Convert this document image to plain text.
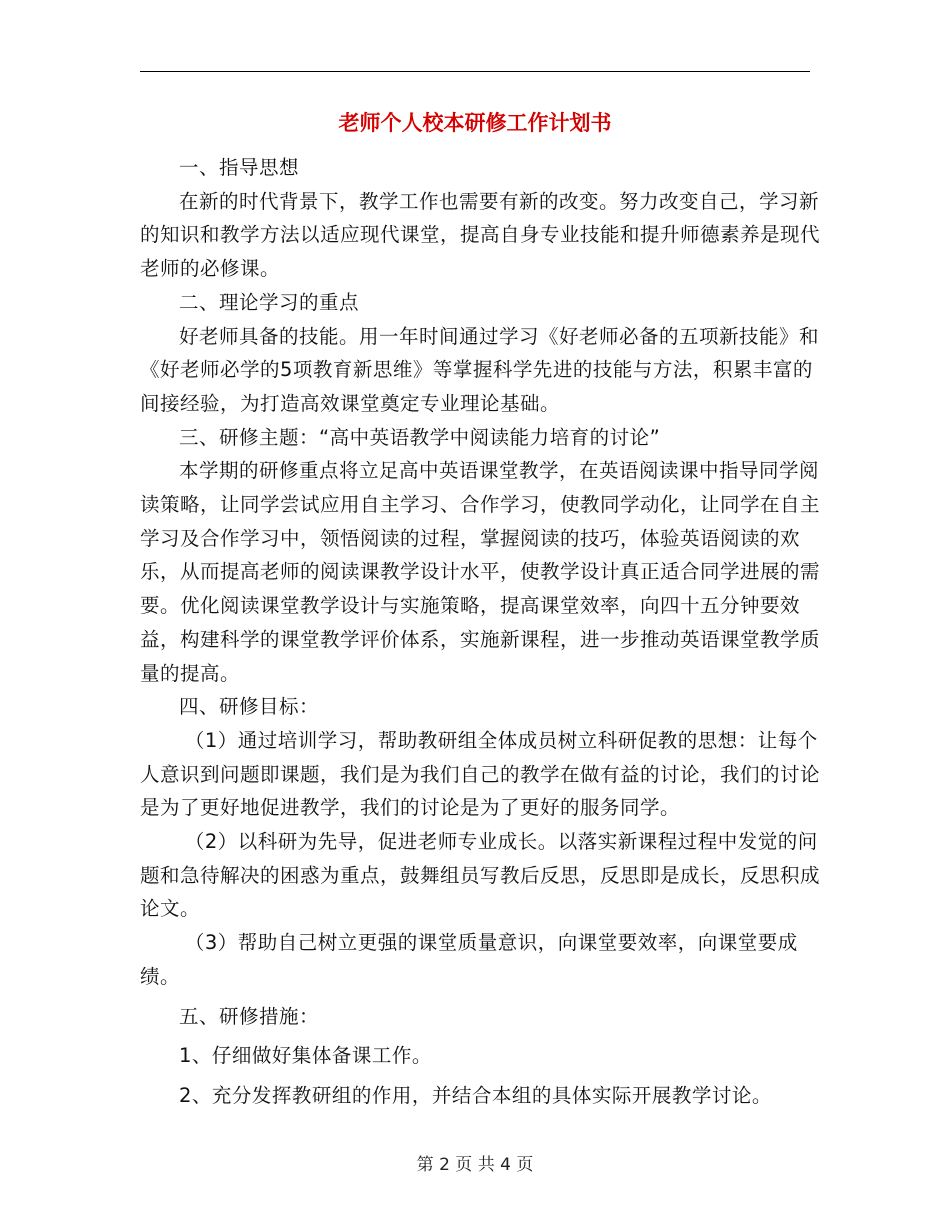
老师个人校本研修工作计划书

一、指导思想

在新的时代背景下，教学工作也需要有新的改变。努力改变自己，学习新的知识和教学方法以适应现代课堂，提高自身专业技能和提升师德素养是现代老师的必修课。

二、理论学习的重点

好老师具备的技能。用一年时间通过学习《好老师必备的五项新技能》和《好老师必学的5项教育新思维》等掌握科学先进的技能与方法，积累丰富的间接经验，为打造高效课堂奠定专业理论基础。

三、研修主题：“高中英语教学中阅读能力培育的讨论”

本学期的研修重点将立足高中英语课堂教学，在英语阅读课中指导同学阅读策略，让同学尝试应用自主学习、合作学习，使教同学动化，让同学在自主学习及合作学习中，领悟阅读的过程，掌握阅读的技巧，体验英语阅读的欢乐，从而提高老师的阅读课教学设计水平，使教学设计真正适合同学进展的需要。优化阅读课堂教学设计与实施策略，提高课堂效率，向四十五分钟要效益，构建科学的课堂教学评价体系，实施新课程，进一步推动英语课堂教学质量的提高。

四、研修目标：

（1）通过培训学习，帮助教研组全体成员树立科研促教的思想：让每个人意识到问题即课题，我们是为我们自己的教学在做有益的讨论，我们的讨论是为了更好地促进教学，我们的讨论是为了更好的服务同学。

（2）以科研为先导，促进老师专业成长。以落实新课程过程中发觉的问题和急待解决的困惑为重点，鼓舞组员写教后反思，反思即是成长，反思积成论文。

（3）帮助自己树立更强的课堂质量意识，向课堂要效率，向课堂要成绩。

五、研修措施：

1、仔细做好集体备课工作。

2、充分发挥教研组的作用，并结合本组的具体实际开展教学讨论。

第 2 页 共 4 页
